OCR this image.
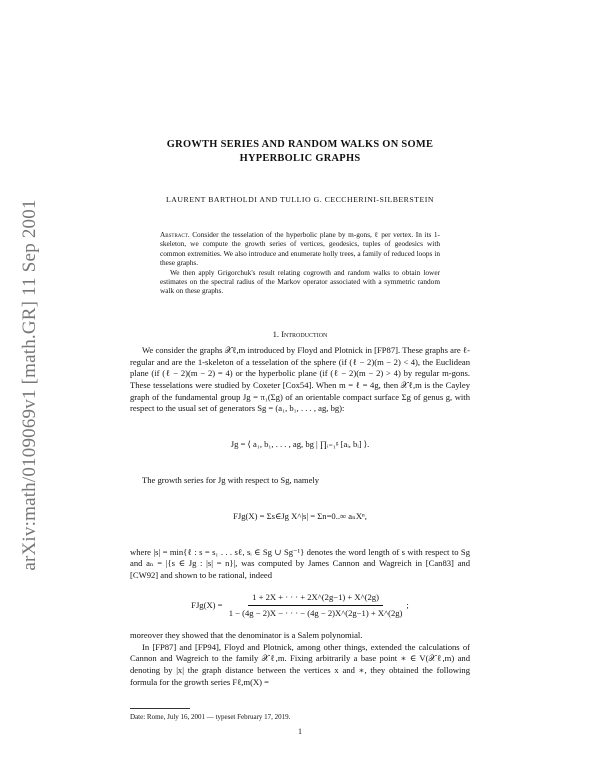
arXiv:math/0109069v1 [math.GR] 11 Sep 2001
GROWTH SERIES AND RANDOM WALKS ON SOME
HYPERBOLIC GRAPHS
LAURENT BARTHOLDI AND TULLIO G. CECCHERINI-SILBERSTEIN

Abstract. Consider the tesselation of the hyperbolic plane by m-gons, ℓ per vertex. In its 1-skeleton, we compute the growth series of vertices, geodesics, tuples of geodesics with common extremities. We also introduce and enumerate holly trees, a family of reduced loops in these graphs.

We then apply Grigorchuk's result relating cogrowth and random walks to obtain lower estimates on the spectral radius of the Markov operator associated with a symmetric random walk on these graphs.

1. Introduction

We consider the graphs 𝒳ℓ,m introduced by Floyd and Plotnick in [FP87]. These graphs are ℓ-regular and are the 1-skeleton of a tesselation of the sphere (if (ℓ − 2)(m − 2) < 4), the Euclidean plane (if (ℓ − 2)(m − 2) = 4) or the hyperbolic plane (if (ℓ − 2)(m − 2) > 4) by regular m-gons. These tesselations were studied by Coxeter [Cox54]. When m = ℓ = 4g, then 𝒳ℓ,m is the Cayley graph of the fundamental group Jg = π₁(Σg) of an orientable compact surface Σg of genus g, with respect to the usual set of generators Sg = (a₁, b₁, . . . , ag, bg):

Jg = ⟨ a₁, b₁, . . . , ag, bg | ∏ᵢ₌₁ᵍ [aᵢ, bᵢ] ⟩.

The growth series for Jg with respect to Sg, namely

FJg(X) = Σs∈Jg X^|s| = Σn=0..∞ aₙXⁿ,

where |s| = min{ℓ : s = s₁ . . . sℓ, sᵢ ∈ Sg ∪ Sg⁻¹} denotes the word length of s with respect to Sg and aₙ = |{s ∈ Jg : |s| = n}|, was computed by James Cannon and Wagreich in [Can83] and [CW92] and shown to be rational, indeed

FJg(X) =
$\frac{1 + 2X + \cdot \cdot \cdot + 2X\^{}(2g-1) + X\^{}(2g)}{1 - (4g - 2)X - \cdot \cdot \cdot - (4g - 2)X\^{}(2g-1) + X\^{}(2g)}$ ;

moreover they showed that the denominator is a Salem polynomial.

In [FP87] and [FP94], Floyd and Plotnick, among other things, extended the calculations of Cannon and Wagreich to the family 𝒳ℓ,m. Fixing arbitrarily a base point ∗ ∈ V(𝒳ℓ,m) and denoting by |x| the graph distance between the vertices x and ∗, they obtained the following formula for the growth series Fℓ,m(X) =

Date: Rome, July 16, 2001 — typeset February 17, 2019.
1
